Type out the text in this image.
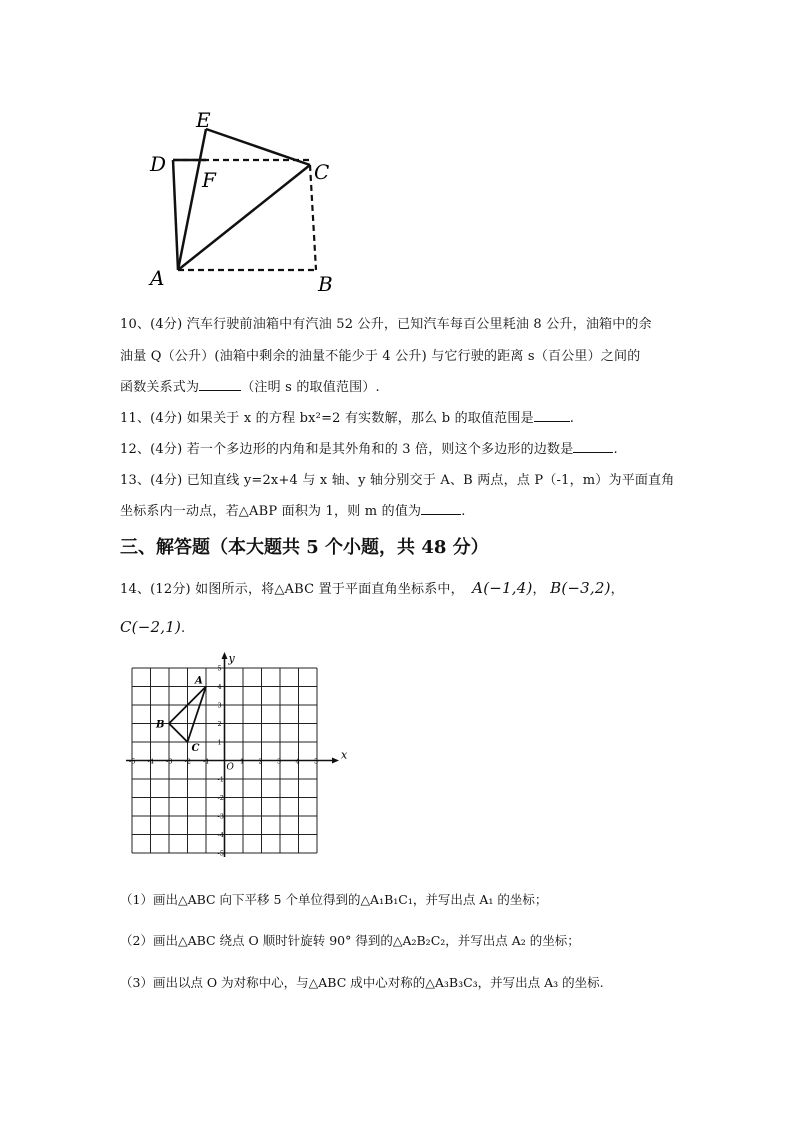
E
D
F	C
A	B
10、(4分) 汽车行驶前油箱中有汽油 52 公升，已知汽车每百公里耗油 8 公升，油箱中的余
油量 Q（公升）(油箱中剩余的油量不能少于 4 公升) 与它行驶的距离 s（百公里）之间的
函数关系式为	（注明 s 的取值范围）.
11、(4分) 如果关于 x 的方程 bx²=2 有实数解，那么 b 的取值范围是	.
12、(4分) 若一个多边形的内角和是其外角和的 3 倍，则这个多边形的边数是	.
13、(4分) 已知直线 y=2x+4 与 x 轴、y 轴分别交于 A、B 两点，点 P（-1，m）为平面直角
坐标系内一动点，若△ABP 面积为 1，则 m 的值为	.
三、解答题（本大题共 5 个小题，共 48 分）
14、(12分) 如图所示，将△ABC 置于平面直角坐标系中， A(−1,4)， B(−3,2)，
C(−2,1).
-5 -4 -3 -2 -1	1 2 3 4 5
5
4
3
2
1
-1
-2
-3
-4
-5
A
B
C	x
y
O
（1）画出△ABC 向下平移 5 个单位得到的△A₁B₁C₁，并写出点 A₁ 的坐标；
（2）画出△ABC 绕点 O 顺时针旋转 90° 得到的△A₂B₂C₂，并写出点 A₂ 的坐标；
（3）画出以点 O 为对称中心，与△ABC 成中心对称的△A₃B₃C₃，并写出点 A₃ 的坐标.
